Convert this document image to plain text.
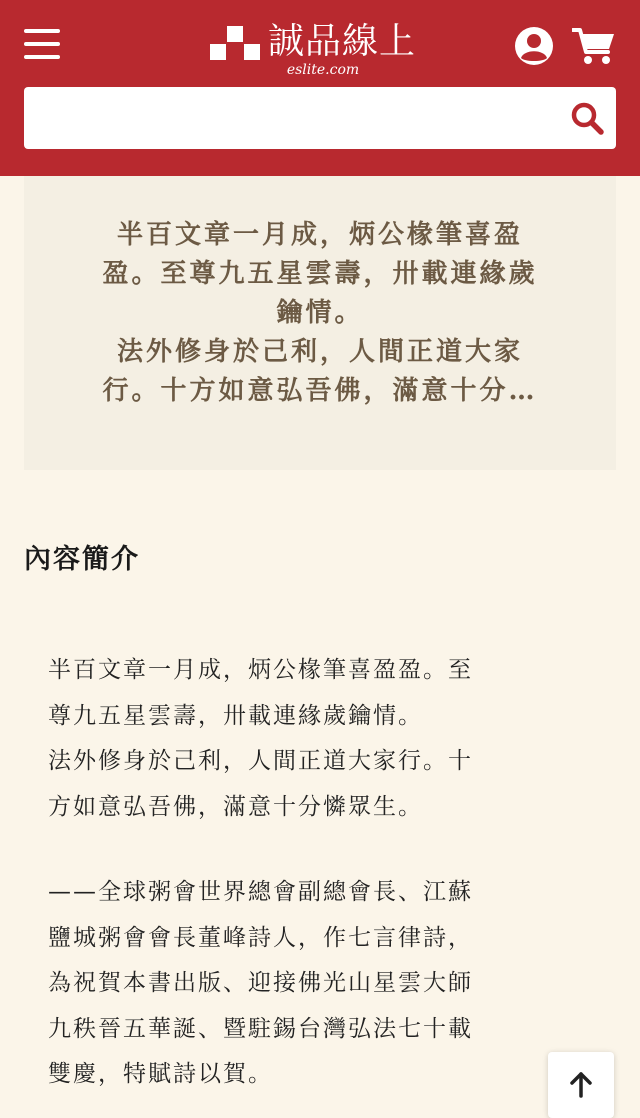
誠品線上
eslite.com
半百文章一月成，炳公椽筆喜盈
盈。至尊九五星雲壽，卅載連緣歲
鑰情。
法外修身於己利，人間正道大家
行。十方如意弘吾佛，滿意十分…
內容簡介

半百文章一月成，炳公椽筆喜盈盈。至

尊九五星雲壽，卅載連緣歲鑰情。

法外修身於己利，人間正道大家行。十

方如意弘吾佛，滿意十分憐眾生。

——全球粥會世界總會副總會長、江蘇

鹽城粥會會長董峰詩人，作七言律詩，

為祝賀本書出版、迎接佛光山星雲大師

九秩晉五華誕、暨駐錫台灣弘法七十載

雙慶，特賦詩以賀。
